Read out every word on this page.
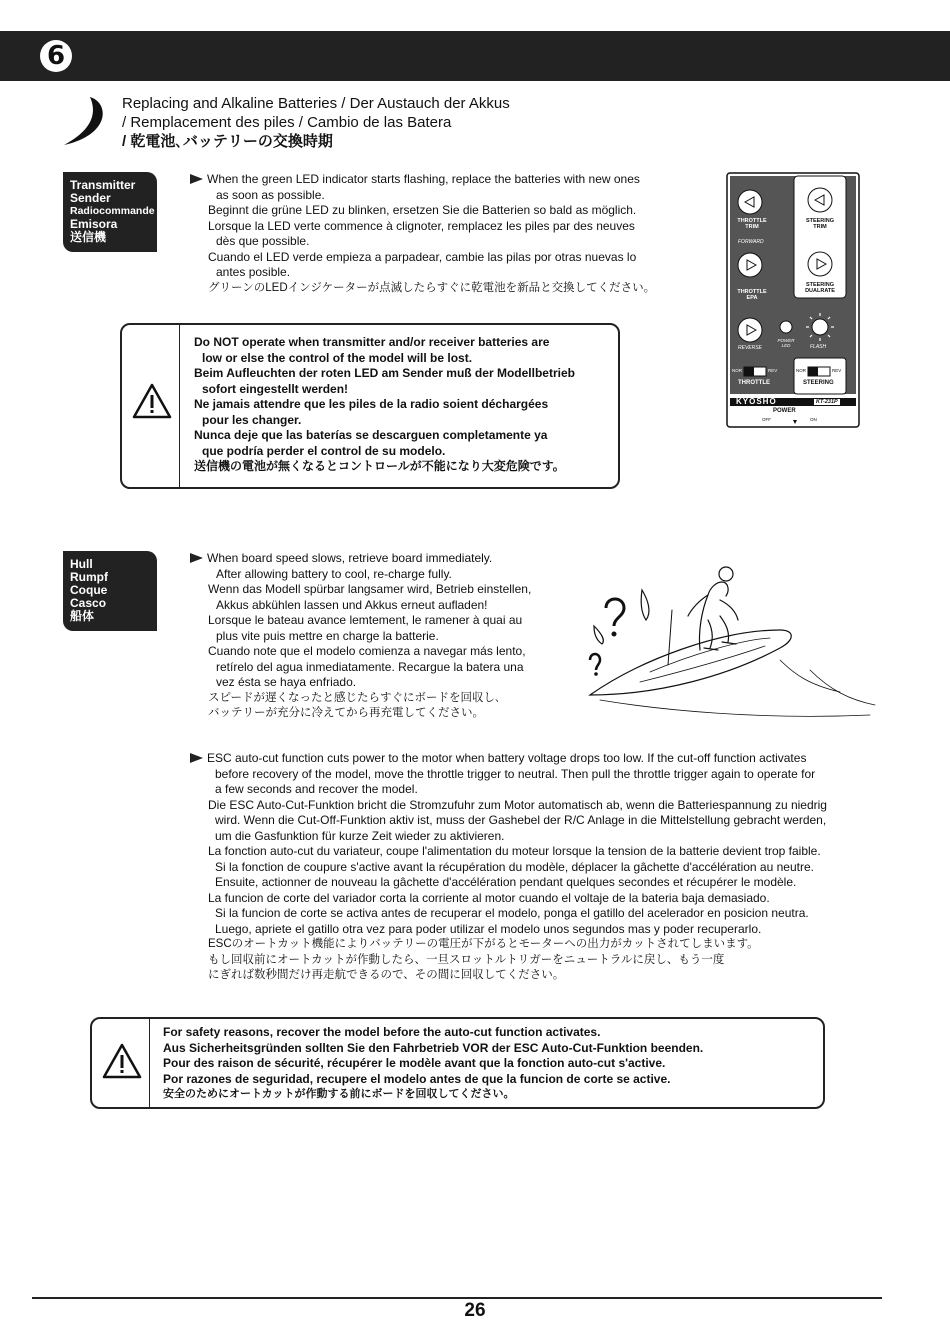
6
Replacing and Alkaline Batteries / Der Austauch der Akkus
/ Remplacement des piles / Cambio de las Batera
/ 乾電池､バッテリーの交換時期
Transmitter
Sender
Radiocommande
Emisora
送信機

When the green LED indicator starts flashing, replace the batteries with new ones

as soon as possible.

Beginnt die grüne LED zu blinken, ersetzen Sie die Batterien so bald as möglich.

Lorsque la LED verte commence à clignoter, remplacez les piles par des neuves

dès que possible.

Cuando el LED verde empieza a parpadear, cambie las pilas por otras nuevas lo

antes posible.

グリーンのLEDインジケーターが点滅したらすぐに乾電池を新品と交換してください。

Do NOT operate when transmitter and/or receiver batteries are

low or else the control of the model will be lost.

Beim Aufleuchten der roten LED am Sender muß der Modellbetrieb

sofort eingestellt werden!

Ne jamais attendre que les piles de la radio soient déchargées

pour les changer.

Nunca deje que las baterías se descarguen completamente ya

que podría perder el control de su modelo.

送信機の電池が無くなるとコントロールが不能になり大変危険です。

THROTTLE
TRIM
STEERING
TRIM
FORWARD
THROTTLE
EPA
STEERING
DUALRATE
REVERSE
POWER
LED	FLASH
NOR	REV
THROTTLE
NOR	REV
STEERING
KYOSHO	KT-231P
POWER
OFF	ON
Hull
Rumpf
Coque
Casco
船体

When board speed slows, retrieve board immediately.

After allowing battery to cool, re-charge fully.

Wenn das Modell spürbar langsamer wird, Betrieb einstellen,

Akkus abkühlen lassen und Akkus erneut aufladen!

Lorsque le bateau avance lemtement, le ramener à quai au

plus vite puis mettre en charge la batterie.

Cuando note que el modelo comienza a navegar más lento,

retírelo del agua inmediatamente. Recargue la batera una

vez ésta se haya enfriado.

スピードが遅くなったと感じたらすぐにボードを回収し､

バッテリーが充分に冷えてから再充電してください。

ESC auto-cut function cuts power to the motor when battery voltage drops too low. If the cut-off function activates

before recovery of the model, move the throttle trigger to neutral. Then pull the throttle trigger again to operate for

a few seconds and recover the model.

Die ESC Auto-Cut-Funktion bricht die Stromzufuhr zum Motor automatisch ab, wenn die Batteriespannung zu niedrig

wird. Wenn die Cut-Off-Funktion aktiv ist, muss der Gashebel der R/C Anlage in die Mittelstellung gebracht werden,

um die Gasfunktion für kurze Zeit wieder zu aktivieren.

La fonction auto-cut du variateur, coupe l'alimentation du moteur lorsque la tension de la batterie devient trop faible.

Si la fonction de coupure s'active avant la récupération du modèle, déplacer la gâchette d'accélération au neutre.

Ensuite, actionner de nouveau la gâchette d'accélération pendant quelques secondes et récupérer le modèle.

La funcion de corte del variador corta la corriente al motor cuando el voltaje de la bateria baja demasiado.

Si la funcion de corte se activa antes de recuperar el modelo, ponga el gatillo del acelerador en posicion neutra.

Luego, apriete el gatillo otra vez para poder utilizar el modelo unos segundos mas y poder recuperarlo.

ESCのオートカット機能によりバッテリーの電圧が下がるとモーターへの出力がカットされてしまいます。

もし回収前にオートカットが作動したら、一旦スロットルトリガーをニュートラルに戻し、もう一度

にぎれば数秒間だけ再走航できるので、その間に回収してください。

For safety reasons, recover the model before the auto-cut function activates.

Aus Sicherheitsgründen sollten Sie den Fahrbetrieb VOR der ESC Auto-Cut-Funktion beenden.

Pour des raison de sécurité, récupérer le modèle avant que la fonction auto-cut s'active.

Por razones de seguridad, recupere el modelo antes de que la funcion de corte se active.

安全のためにオートカットが作動する前にボードを回収してください。

26
